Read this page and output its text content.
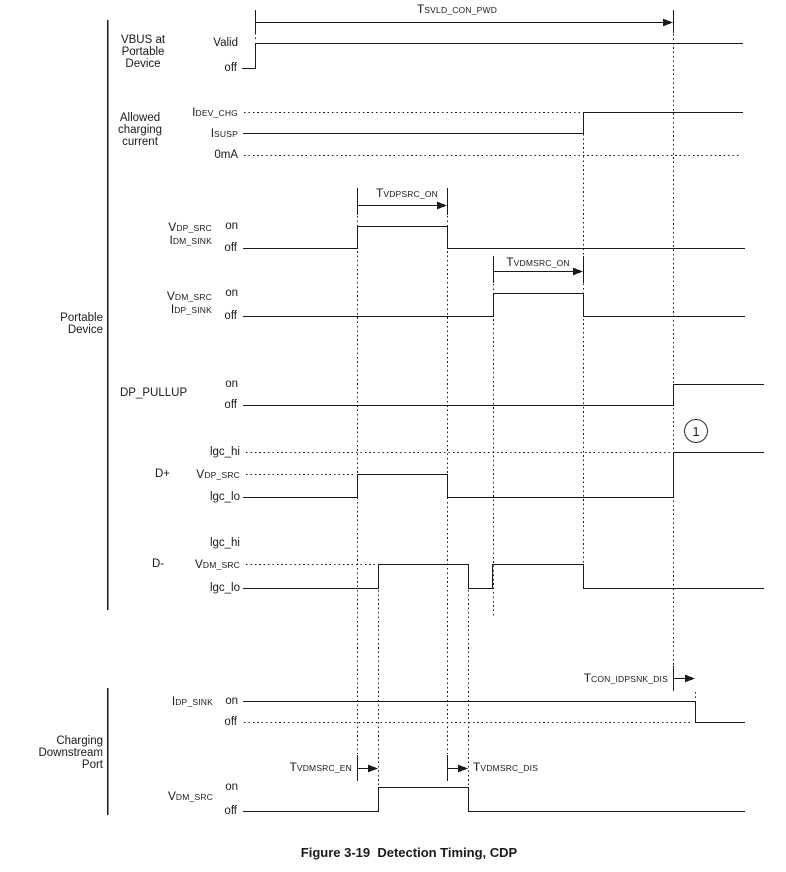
TSVLD_CON_PWD
TVDPSRC_ON
TVDMSRC_ON
TCON_IDPSNK_DIS
TVDMSRC_EN	TVDMSRC_DIS
VBUS at
Portable
Device
Valid
off
Allowed
charging
current
IDEV_CHG
ISUSP
0mA
VDP_SRC
IDM_SINK
on
off
VDM_SRC
IDP_SINK
on
off
Portable
Device
DP_PULLUP
on
off
1
lgc_hi
D+ VDP_SRC
lgc_lo
lgc_hi
D-	VDM_SRC
lgc_lo
IDP_SINK on
off
Charging
Downstream
Port
VDM_SRC
on
off
Figure 3-19  Detection Timing, CDP
